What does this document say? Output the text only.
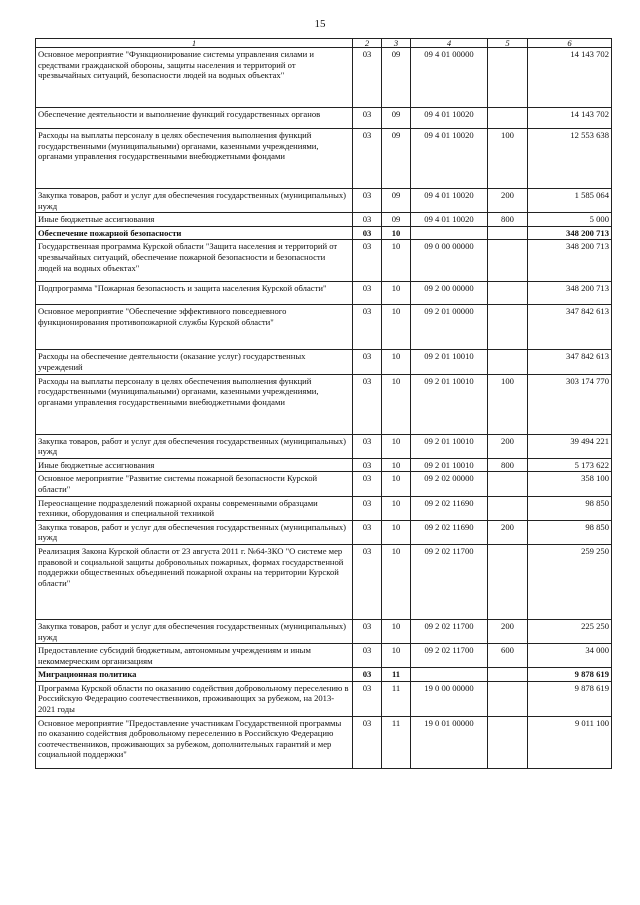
15
1	2	3	4	5	6
Основное мероприятие "Функционирование системы управления силами и средствами гражданской обороны, защиты населения и территорий от чрезвычайных ситуаций, безопасности людей на водных объектах"	03	09	09 4 01 00000		14 143 702
Обеспечение деятельности и выполнение функций государственных органов	03	09	09 4 01 10020		14 143 702
Расходы на выплаты персоналу в целях обеспечения выполнения функций государственными (муниципальными) органами, казенными учреждениями, органами управления государственными внебюджетными фондами	03	09	09 4 01 10020	100	12 553 638
Закупка товаров, работ и услуг для обеспечения государственных (муниципальных) нужд	03	09	09 4 01 10020	200	1 585 064
Иные бюджетные ассигнования	03	09	09 4 01 10020	800	5 000
Обеспечение пожарной безопасности	03	10			348 200 713
Государственная программа Курской области "Защита населения и территорий от чрезвычайных ситуаций, обеспечение пожарной безопасности и безопасности людей на водных объектах"	03	10	09 0 00 00000		348 200 713
Подпрограмма "Пожарная безопасность и защита населения Курской области"	03	10	09 2 00 00000		348 200 713
Основное мероприятие "Обеспечение эффективного повседневного функционирования противопожарной службы Курской области"	03	10	09 2 01 00000		347 842 613
Расходы на обеспечение деятельности (оказание услуг) государственных учреждений	03	10	09 2 01 10010		347 842 613
Расходы на выплаты персоналу в целях обеспечения выполнения функций государственными (муниципальными) органами, казенными учреждениями, органами управления государственными внебюджетными фондами	03	10	09 2 01 10010	100	303 174 770
Закупка товаров, работ и услуг для обеспечения государственных (муниципальных) нужд	03	10	09 2 01 10010	200	39 494 221
Иные бюджетные ассигнования	03	10	09 2 01 10010	800	5 173 622
Основное мероприятие "Развитие системы пожарной безопасности Курской области"	03	10	09 2 02 00000		358 100
Переоснащение подразделений пожарной охраны современными образцами техники, оборудования и специальной техникой	03	10	09 2 02 11690		98 850
Закупка товаров, работ и услуг для обеспечения государственных (муниципальных) нужд	03	10	09 2 02 11690	200	98 850
Реализация Закона Курской области от 23 августа 2011 г. №64-ЗКО "О системе мер правовой и социальной защиты добровольных пожарных, формах государственной поддержки общественных объединений пожарной охраны на территории Курской области"	03	10	09 2 02 11700		259 250
Закупка товаров, работ и услуг для обеспечения государственных (муниципальных) нужд	03	10	09 2 02 11700	200	225 250
Предоставление субсидий бюджетным, автономным учреждениям и иным некоммерческим организациям	03	10	09 2 02 11700	600	34 000
Миграционная политика	03	11			9 878 619
Программа Курской области по оказанию содействия добровольному переселению в Российскую Федерацию соотечественников, проживающих за рубежом, на 2013-2021 годы	03	11	19 0 00 00000		9 878 619
Основное мероприятие "Предоставление участникам Государственной программы по оказанию содействия добровольному переселению в Российскую Федерацию соотечественников, проживающих за рубежом, дополнительных гарантий и мер социальной поддержки"	03	11	19 0 01 00000		9 011 100
